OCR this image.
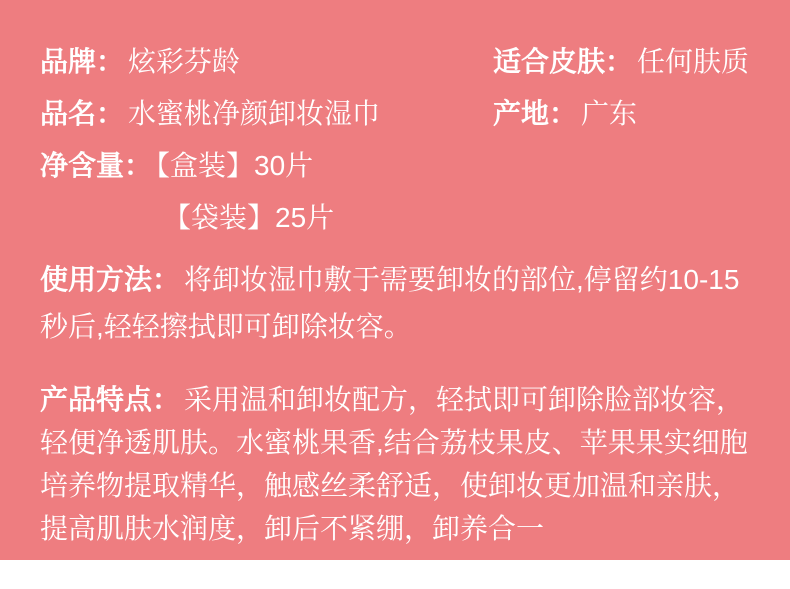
品牌： 炫彩芬龄
品名： 水蜜桃净颜卸妆湿巾
净含量： 【盒装】30片
【袋装】25片
适合皮肤： 任何肤质
产地： 广东

使用方法： 将卸妆湿巾敷于需要卸妆的部位,停留约10-15秒后,轻轻擦拭即可卸除妆容。

产品特点： 采用温和卸妆配方，轻拭即可卸除脸部妆容，轻便净透肌肤。水蜜桃果香,结合荔枝果皮、苹果果实细胞培养物提取精华，触感丝柔舒适，使卸妆更加温和亲肤，提高肌肤水润度，卸后不紧绷，卸养合一
